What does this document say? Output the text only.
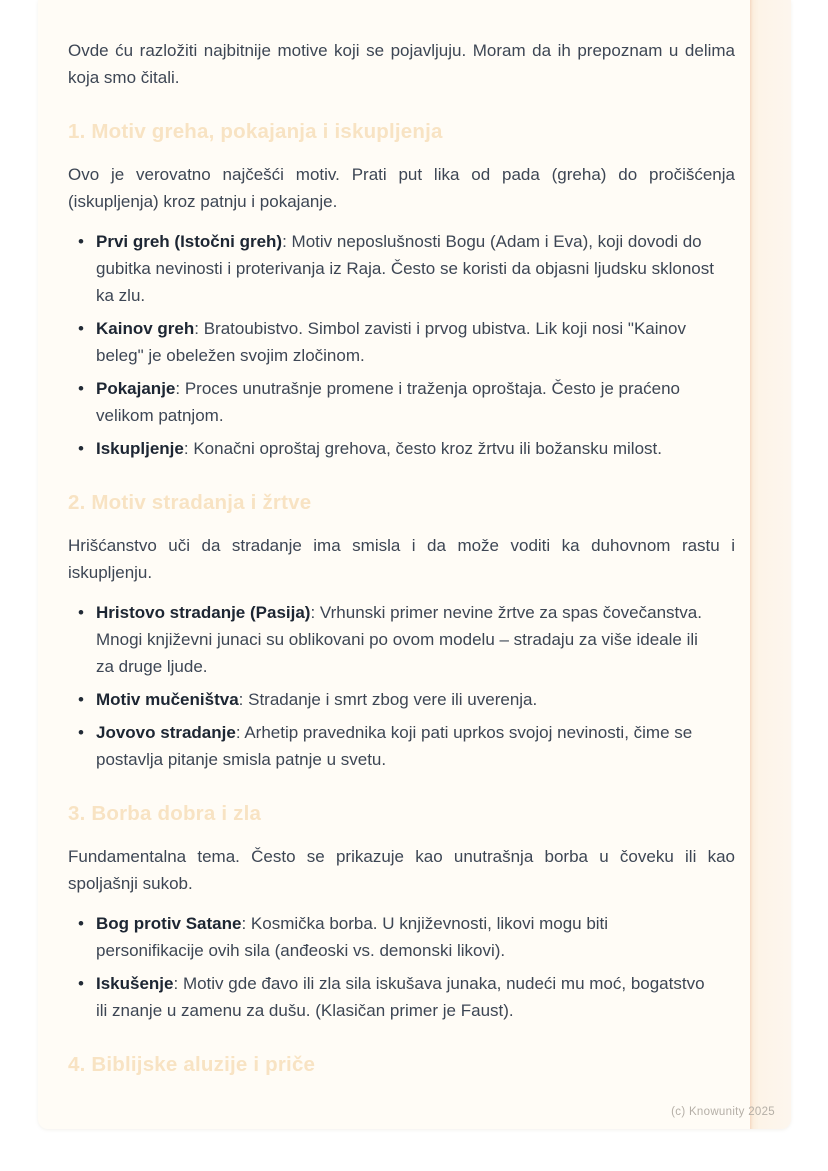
Ovde ću razložiti najbitnije motive koji se pojavljuju. Moram da ih prepoznam u delima koja smo čitali.

1. Motiv greha, pokajanja i iskupljenja

Ovo je verovatno najčešći motiv. Prati put lika od pada (greha) do pročišćenja (iskupljenja) kroz patnju i pokajanje.

• Prvi greh (Istočni greh): Motiv neposlušnosti Bogu (Adam i Eva), koji dovodi do gubitka nevinosti i proterivanja iz Raja. Često se koristi da objasni ljudsku sklonost ka zlu.
• Kainov greh: Bratoubistvo. Simbol zavisti i prvog ubistva. Lik koji nosi "Kainov beleg" je obeležen svojim zločinom.
• Pokajanje: Proces unutrašnje promene i traženja oproštaja. Često je praćeno velikom patnjom.
• Iskupljenje: Konačni oproštaj grehova, često kroz žrtvu ili božansku milost.
2. Motiv stradanja i žrtve

Hrišćanstvo uči da stradanje ima smisla i da može voditi ka duhovnom rastu i iskupljenju.

• Hristovo stradanje (Pasija): Vrhunski primer nevine žrtve za spas čovečanstva. Mnogi književni junaci su oblikovani po ovom modelu – stradaju za više ideale ili za druge ljude.
• Motiv mučeništva: Stradanje i smrt zbog vere ili uverenja.
• Jovovo stradanje: Arhetip pravednika koji pati uprkos svojoj nevinosti, čime se postavlja pitanje smisla patnje u svetu.
3. Borba dobra i zla

Fundamentalna tema. Često se prikazuje kao unutrašnja borba u čoveku ili kao spoljašnji sukob.

• Bog protiv Satane: Kosmička borba. U književnosti, likovi mogu biti personifikacije ovih sila (anđeoski vs. demonski likovi).
• Iskušenje: Motiv gde đavo ili zla sila iskušava junaka, nudeći mu moć, bogatstvo ili znanje u zamenu za dušu. (Klasičan primer je Faust).
4. Biblijske aluzije i priče
(c) Knowunity 2025
